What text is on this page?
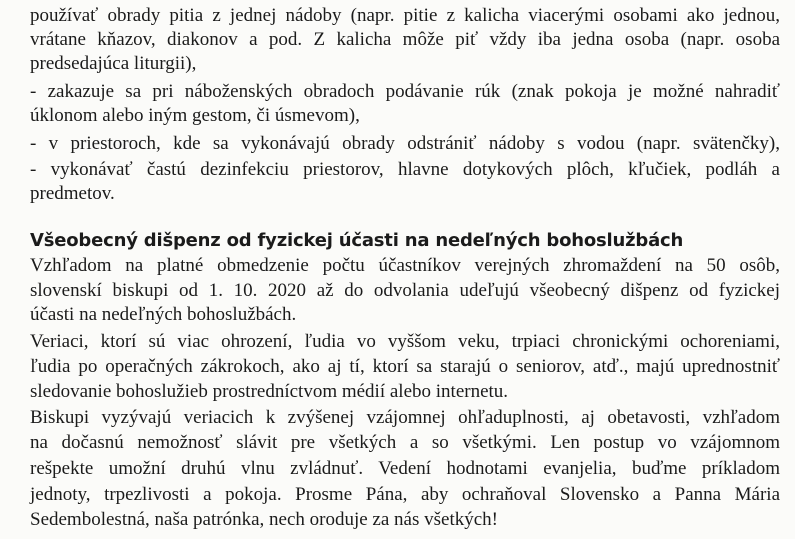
používať obrady pitia z jednej nádoby (napr. pitie z kalicha viacerými osobami ako jednou,
vrátane kňazov, diakonov a pod. Z kalicha môže piť vždy iba jedna osoba (napr. osoba
predsedajúca liturgii),
- zakazuje sa pri náboženských obradoch podávanie rúk (znak pokoja je možné nahradiť
úklonom alebo iným gestom, či úsmevom),
- v priestoroch, kde sa vykonávajú obrady odstrániť nádoby s vodou (napr. svätenčky),
- vykonávať častú dezinfekciu priestorov, hlavne dotykových plôch, kľučiek, podláh a
predmetov.
Všeobecný dišpenz od fyzickej účasti na nedeľných bohoslužbách
Vzhľadom na platné obmedzenie počtu účastníkov verejných zhromaždení na 50 osôb,
slovenskí biskupi od 1. 10. 2020 až do odvolania udeľujú všeobecný dišpenz od fyzickej
účasti na nedeľných bohoslužbách.
Veriaci, ktorí sú viac ohrození, ľudia vo vyššom veku, trpiaci chronickými ochoreniami,
ľudia po operačných zákrokoch, ako aj tí, ktorí sa starajú o seniorov, atď., majú uprednostniť
sledovanie bohoslužieb prostredníctvom médií alebo internetu.
Biskupi vyzývajú veriacich k zvýšenej vzájomnej ohľaduplnosti, aj obetavosti, vzhľadom
na dočasnú nemožnosť slávit pre všetkých a so všetkými. Len postup vo vzájomnom
rešpekte umožní druhú vlnu zvládnuť. Vedení hodnotami evanjelia, buďme príkladom
jednoty, trpezlivosti a pokoja. Prosme Pána, aby ochraňoval Slovensko a Panna Mária
Sedembolestná, naša patrónka, nech oroduje za nás všetkých!
